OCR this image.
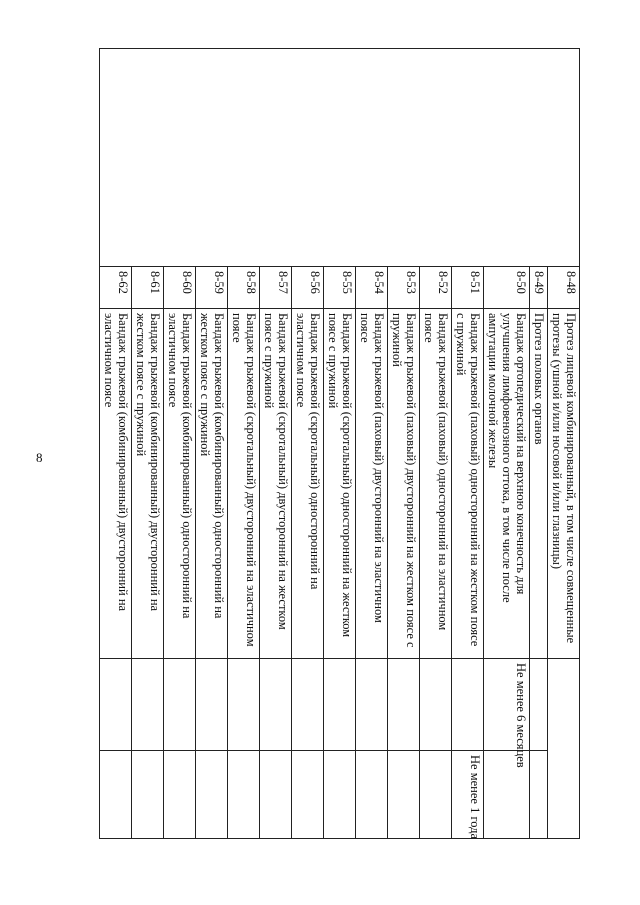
8
	8-48	Протез лицевой комбинированный, в том числе совмещенные протезы (ушной и/или носовой и/или глазницы)		
	8-49	Протез половых органов		
	8-50	Бандаж ортопедический на верхнюю конечность для улучшения лимфовенозного оттока, в том числе после ампутации молочной железы	Не менее 6 месяцев	
	8-51	Бандаж грыжевой (паховый) односторонний на жестком поясе с пружиной		Не менее 1 года
	8-52	Бандаж грыжевой (паховый) односторонний на эластичном поясе		
	8-53	Бандаж грыжевой (паховый) двусторонний на жестком поясе с пружиной		
	8-54	Бандаж грыжевой (паховый) двусторонний на эластичном поясе		
	8-55	Бандаж грыжевой (скротальный) односторонний на жестком поясе с пружиной		
	8-56	Бандаж грыжевой (скротальный) односторонний на эластичном поясе		
	8-57	Бандаж грыжевой (скротальный) двусторонний на жестком поясе с пружиной		
	8-58	Бандаж грыжевой (скротальный) двусторонний на эластичном поясе		
	8-59	Бандаж грыжевой (комбинированный) односторонний на жестком поясе с пружиной		
	8-60	Бандаж грыжевой (комбинированный) односторонний на эластичном поясе		
	8-61	Бандаж грыжевой (комбинированный) двусторонний на жестком поясе с пружиной		
	8-62	Бандаж грыжевой (комбинированный) двусторонний на эластичном поясе		
